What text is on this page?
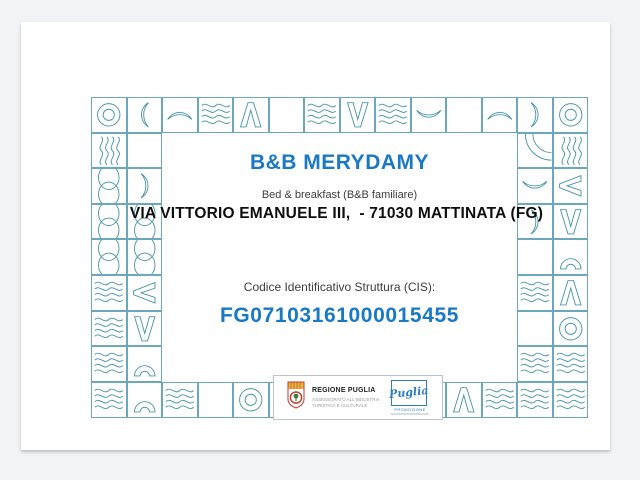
B&B MERYDAMY
Bed & breakfast (B&B familiare)
VIA VITTORIO EMANUELE III,  - 71030 MATTINATA (FG)
Codice Identificativo Struttura (CIS):
FG07103161000015455
REGIONE PUGLIA
ASSESSORATO ALL'INDUSTRIA
TURISTICA E CULTURALE
Puglia
PROMOZIONE
